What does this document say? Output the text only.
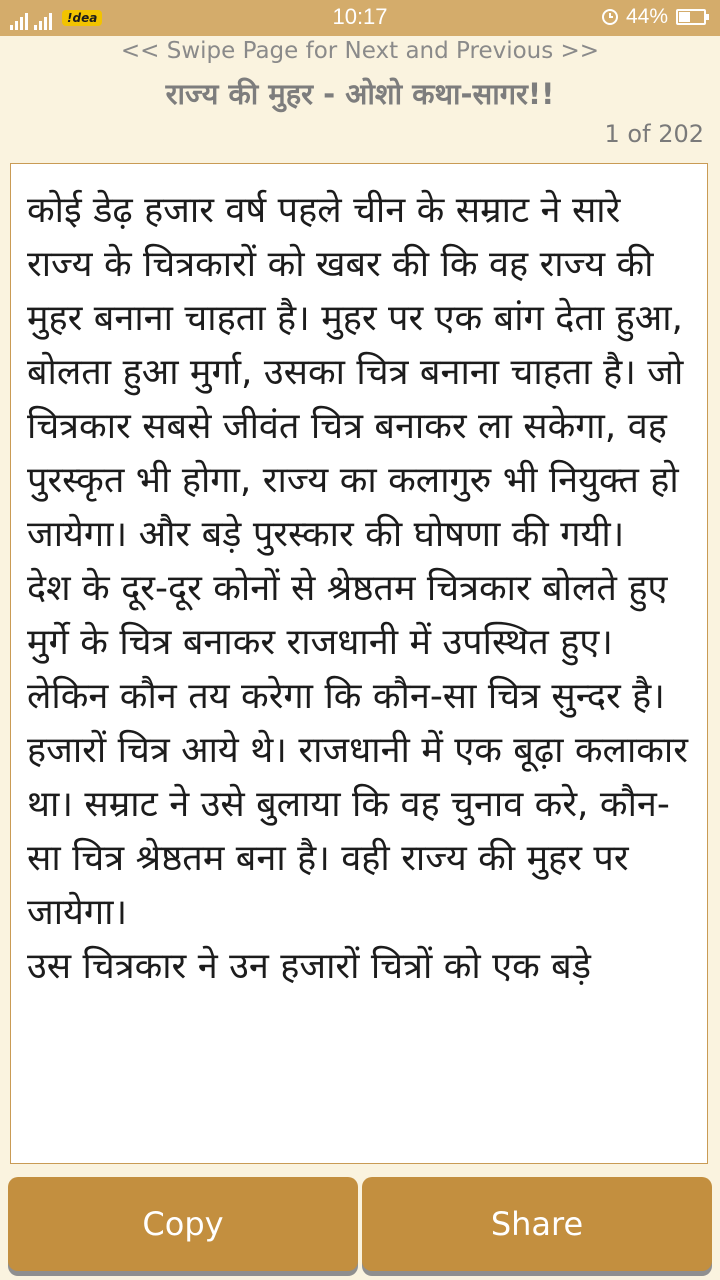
!dea	10:17	44%
<< Swipe Page for Next and Previous >>
राज्य की मुहर - ओशो कथा-सागर!!
1 of 202

कोई डेढ़ हजार वर्ष पहले चीन के सम्राट ने सारे राज्य के चित्रकारों को खबर की कि वह राज्य की मुहर बनाना चाहता है। मुहर पर एक बांग देता हुआ, बोलता हुआ मुर्गा, उसका चित्र बनाना चाहता है। जो चित्रकार सबसे जीवंत चित्र बनाकर ला सकेगा, वह पुरस्कृत भी होगा, राज्य का कलागुरु भी नियुक्त हो जायेगा। और बड़े पुरस्कार की घोषणा की गयी।

देश के दूर-दूर कोनों से श्रेष्ठतम चित्रकार बोलते हुए मुर्गे के चित्र बनाकर राजधानी में उपस्थित हुए। लेकिन कौन तय करेगा कि कौन-सा चित्र सुन्दर है। हजारों चित्र आये थे। राजधानी में एक बूढ़ा कलाकार था। सम्राट ने उसे बुलाया कि वह चुनाव करे, कौन-सा चित्र श्रेष्ठतम बना है। वही राज्य की मुहर पर जायेगा।

उस चित्रकार ने उन हजारों चित्रों को एक बड़े

Copy	Share
